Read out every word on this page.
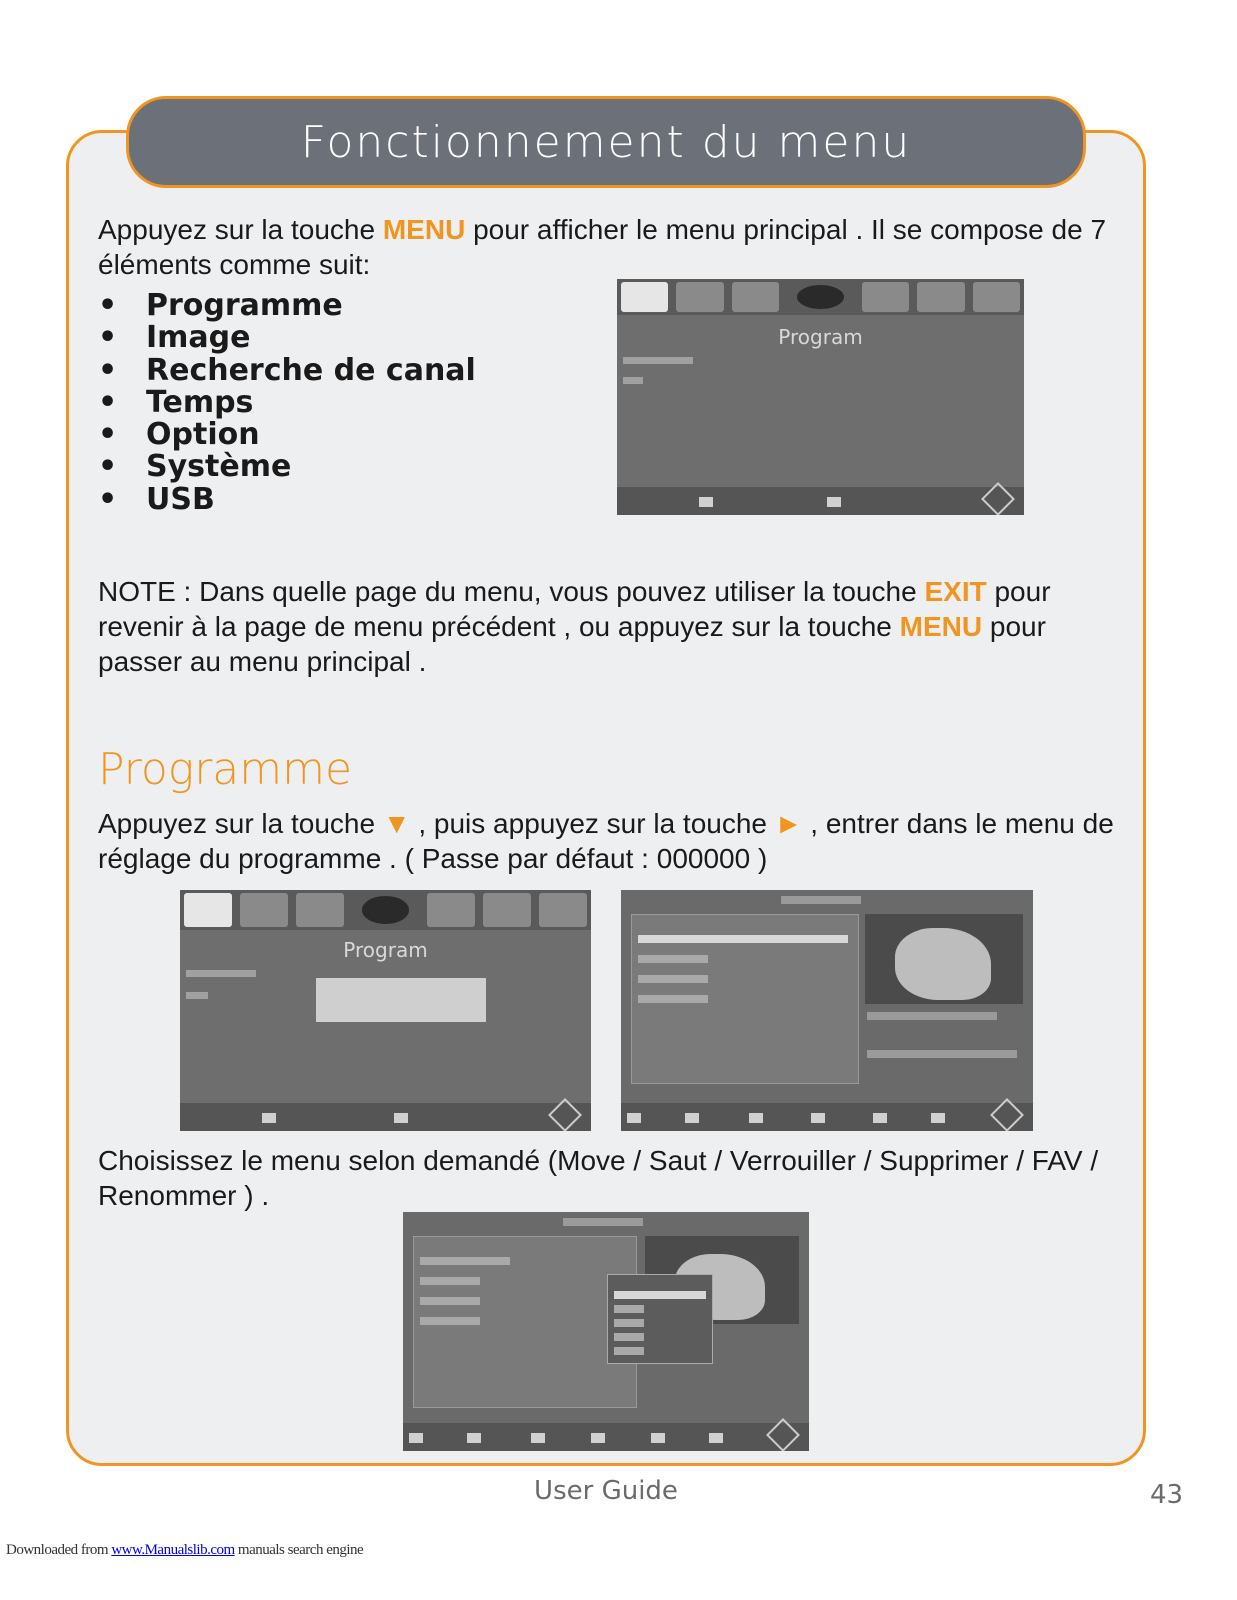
Fonctionnement du menu
Appuyez sur la touche MENU pour afficher le menu principal . Il se compose de 7 éléments comme suit:
• Programme
• Image
• Recherche de canal
• Temps
• Option
• Système
• USB
Program
NOTE : Dans quelle page du menu, vous pouvez utiliser la touche EXIT pour revenir à la page de menu précédent , ou appuyez sur la touche MENU pour passer au menu principal .
Programme
Appuyez sur la touche ▼ , puis appuyez sur la touche ► , entrer dans le menu de réglage du programme . ( Passe par défaut : 000000 )
Program
Choisissez le menu selon demandé (Move / Saut / Verrouiller / Supprimer / FAV / Renommer ) .
User Guide	43
Downloaded from www.Manualslib.com manuals search engine
